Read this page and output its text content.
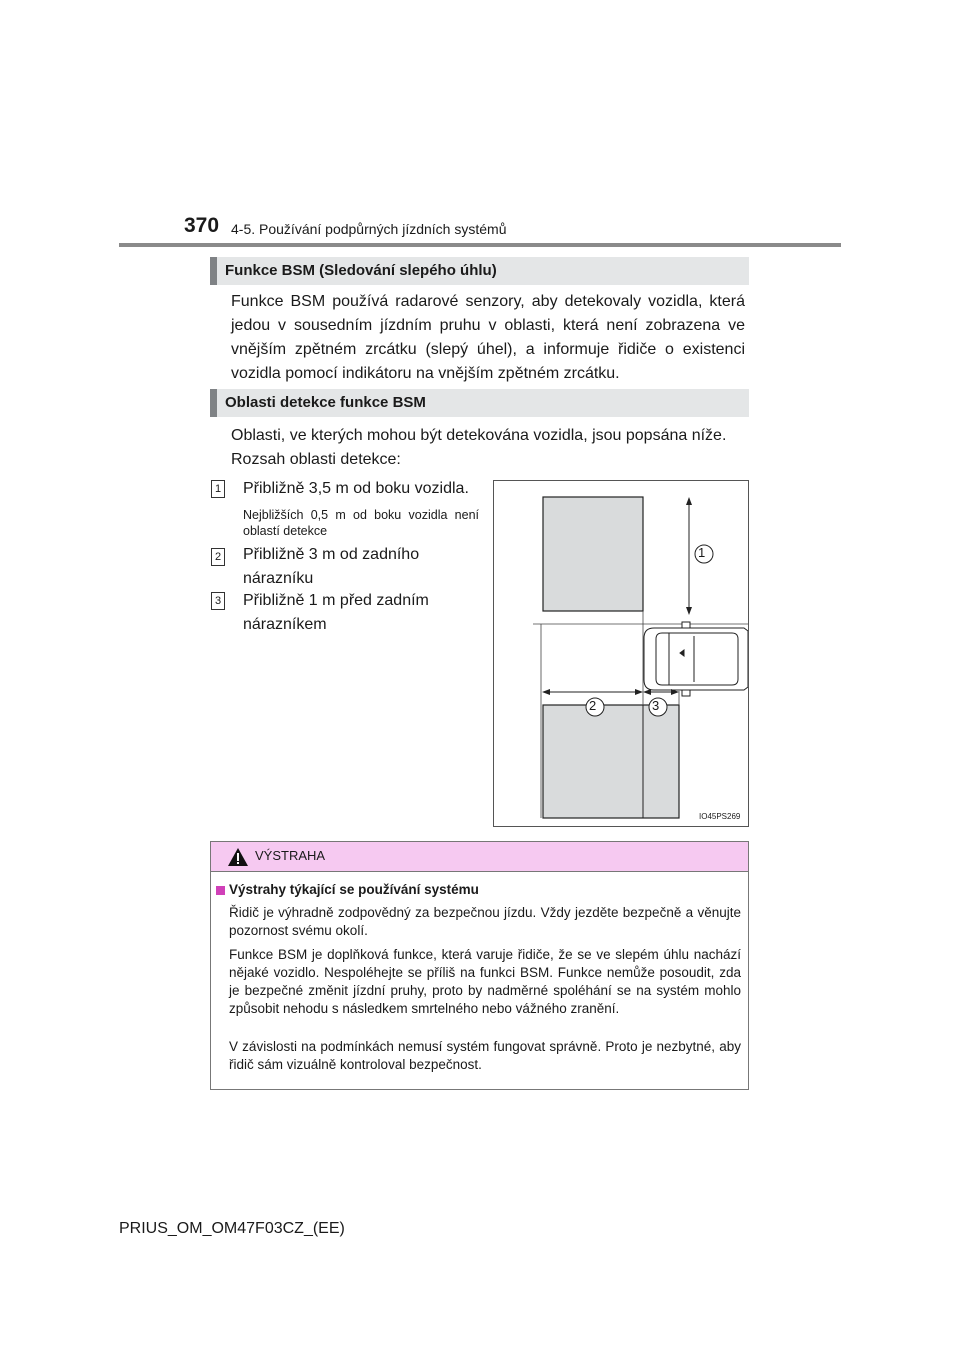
370 4-5. Používání podpůrných jízdních systémů
Funkce BSM (Sledování slepého úhlu)
Funkce BSM používá radarové senzory, aby detekovaly vozidla, která jedou v sousedním jízdním pruhu v oblasti, která není zobrazena ve vnějším zpětném zrcátku (slepý úhel), a informuje řidiče o existenci vozidla pomocí indikátoru na vnějším zpětném zrcátku.
Oblasti detekce funkce BSM
Oblasti, ve kterých mohou být detekována vozidla, jsou popsána níže.
Rozsah oblasti detekce:
1 Přibližně 3,5 m od boku vozidla.
Nejbližších 0,5 m od boku vozidla není oblastí detekce
2 Přibližně 3 m od zadního nárazníku
3 Přibližně 1 m před zadním nárazníkem
1
2	3
IO45PS269
VÝSTRAHA
Výstrahy týkající se používání systému
Řidič je výhradně zodpovědný za bezpečnou jízdu. Vždy jezděte bezpečně a věnujte pozornost svému okolí.
Funkce BSM je doplňková funkce, která varuje řidiče, že se ve slepém úhlu nachází nějaké vozidlo. Nespoléhejte se příliš na funkci BSM. Funkce nemůže posoudit, zda je bezpečné změnit jízdní pruhy, proto by nadměrné spoléhání se na systém mohlo způsobit nehodu s následkem smrtelného nebo vážného zranění.
V závislosti na podmínkách nemusí systém fungovat správně. Proto je nezbytné, aby řidič sám vizuálně kontroloval bezpečnost.
PRIUS_OM_OM47F03CZ_(EE)
